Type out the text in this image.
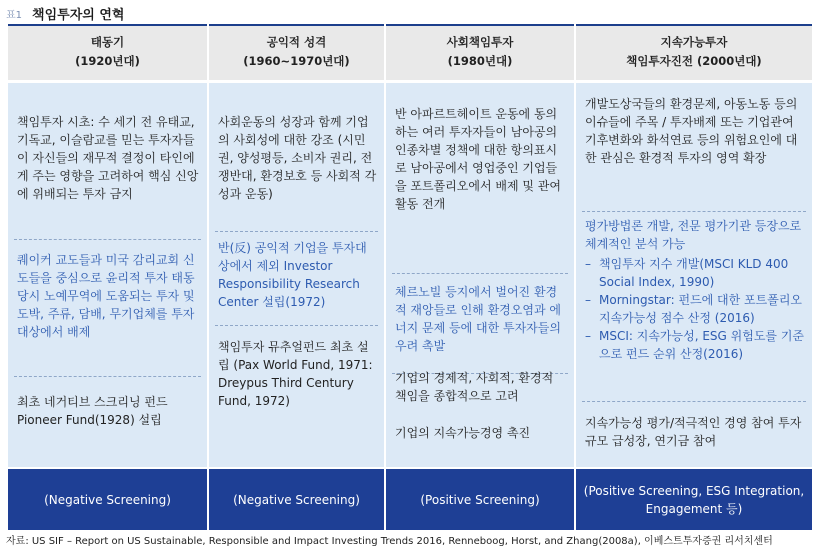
표1 책임투자의 연혁
태동기
(1920년대)
책임투자 시초: 수 세기 전 유태교, 기독교, 이슬람교를 믿는 투자자들이 자신들의 재무적 결정이 타인에게 주는 영향을 고려하여 핵심 신앙에 위배되는 투자 금지
퀘이커 교도들과 미국 감리교회 신도들을 중심으로 윤리적 투자 태동
당시 노예무역에 도움되는 투자 및 도박, 주류, 담배, 무기업체를 투자 대상에서 배제
최초 네거티브 스크리닝 펀드 Pioneer Fund(1928) 설립
(Negative Screening)
공익적 성격
(1960~1970년대)
사회운동의 성장과 함께 기업의 사회성에 대한 강조 (시민권, 양성평등, 소비자 권리, 전쟁반대, 환경보호 등 사회적 각성과 운동)
반(反) 공익적 기업을 투자대상에서 제외 Investor Responsibility Research Center 설립(1972)
책임투자 뮤추얼펀드 최초 설립 (Pax World Fund, 1971: Dreypus Third Century Fund, 1972)
(Negative Screening)
사회책임투자
(1980년대)
반 아파르트헤이트 운동에 동의하는 여러 투자자들이 남아공의 인종차별 정책에 대한 항의표시로 남아공에서 영업중인 기업들을 포트폴리오에서 배제 및 관여활동 전개
체르노빌 등지에서 벌어진 환경적 재앙들로 인해 환경오염과 에너지 문제 등에 대한 투자자들의 우려 촉발
기업의 경제적, 사회적, 환경적 책임을 종합적으로 고려
기업의 지속가능경영 촉진
(Positive Screening)
지속가능투자
책임투자진전 (2000년대)
개발도상국들의 환경문제, 아동노동 등의 이슈들에 주목 / 투자배제 또는 기업관여
기후변화와 화석연료 등의 위험요인에 대한 관심은 환경적 투자의 영역 확장
평가방법론 개발, 전문 평가기관 등장으로 체계적인 분석 가능
– 책임투자 지수 개발(MSCI KLD 400 Social Index, 1990)
– Morningstar: 펀드에 대한 포트폴리오 지속가능성 점수 산정 (2016)
– MSCI: 지속가능성, ESG 위험도를 기준으로 펀드 순위 산정(2016)
지속가능성 평가/적극적인 경영 참여 투자규모 급성장, 연기금 참여
(Positive Screening, ESG Integration, Engagement 등)
자료: US SIF – Report on US Sustainable, Responsible and Impact Investing Trends 2016, Renneboog, Horst, and Zhang(2008a), 이베스트투자증권 리서치센터
